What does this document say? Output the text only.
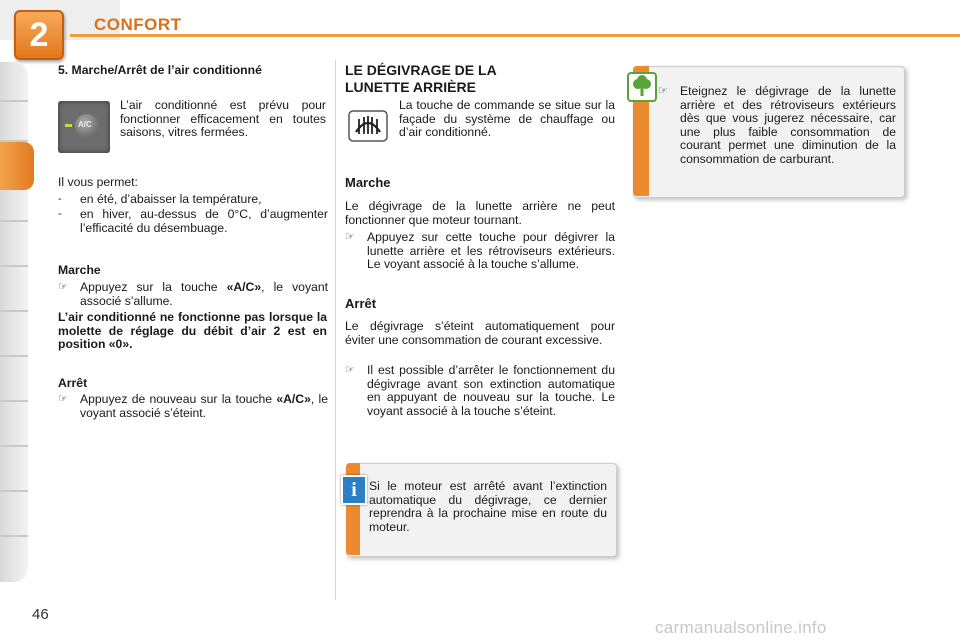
2	CONFORT
5. Marche/Arrêt de l’air conditionné
A/C
L’air conditionné est prévu pour fonctionner efficacement en toutes saisons, vitres fermées.
Il vous permet:
-	en été, d’abaisser la température,
-	en hiver, au-dessus de 0°C, d’augmenter l’efficacité du désembuage.
Marche
☞ Appuyez sur la touche «A/C», le voyant associé s’allume.
L’air conditionné ne fonctionne pas lorsque la molette de réglage du débit d’air 2 est en position «0».
Arrêt
☞ Appuyez de nouveau sur la touche «A/C», le voyant associé s’éteint.
LE DÉGIVRAGE DE LA
LUNETTE ARRIÈRE
La touche de commande se situe sur la façade du système de chauffage ou d’air conditionné.
Marche
Le dégivrage de la lunette arrière ne peut fonctionner que moteur tournant.
☞ Appuyez sur cette touche pour dégivrer la lunette arrière et les rétroviseurs extérieurs. Le voyant associé à la touche s’allume.
Arrêt
Le dégivrage s’éteint automatiquement pour éviter une consommation de courant excessive.
☞ Il est possible d’arrêter le fonctionnement du dégivrage avant son extinction automatique en appuyant de nouveau sur la touche. Le voyant associé à la touche s’éteint.
i	Si le moteur est arrêté avant l’extinction automatique du dégivrage, ce dernier reprendra à la prochaine mise en route du moteur.
☞ Eteignez le dégivrage de la lunette arrière et des rétroviseurs extérieurs dès que vous jugerez nécessaire, car une plus faible consommation de courant permet une diminution de la consommation de carburant.
46
carmanualsonline.info
